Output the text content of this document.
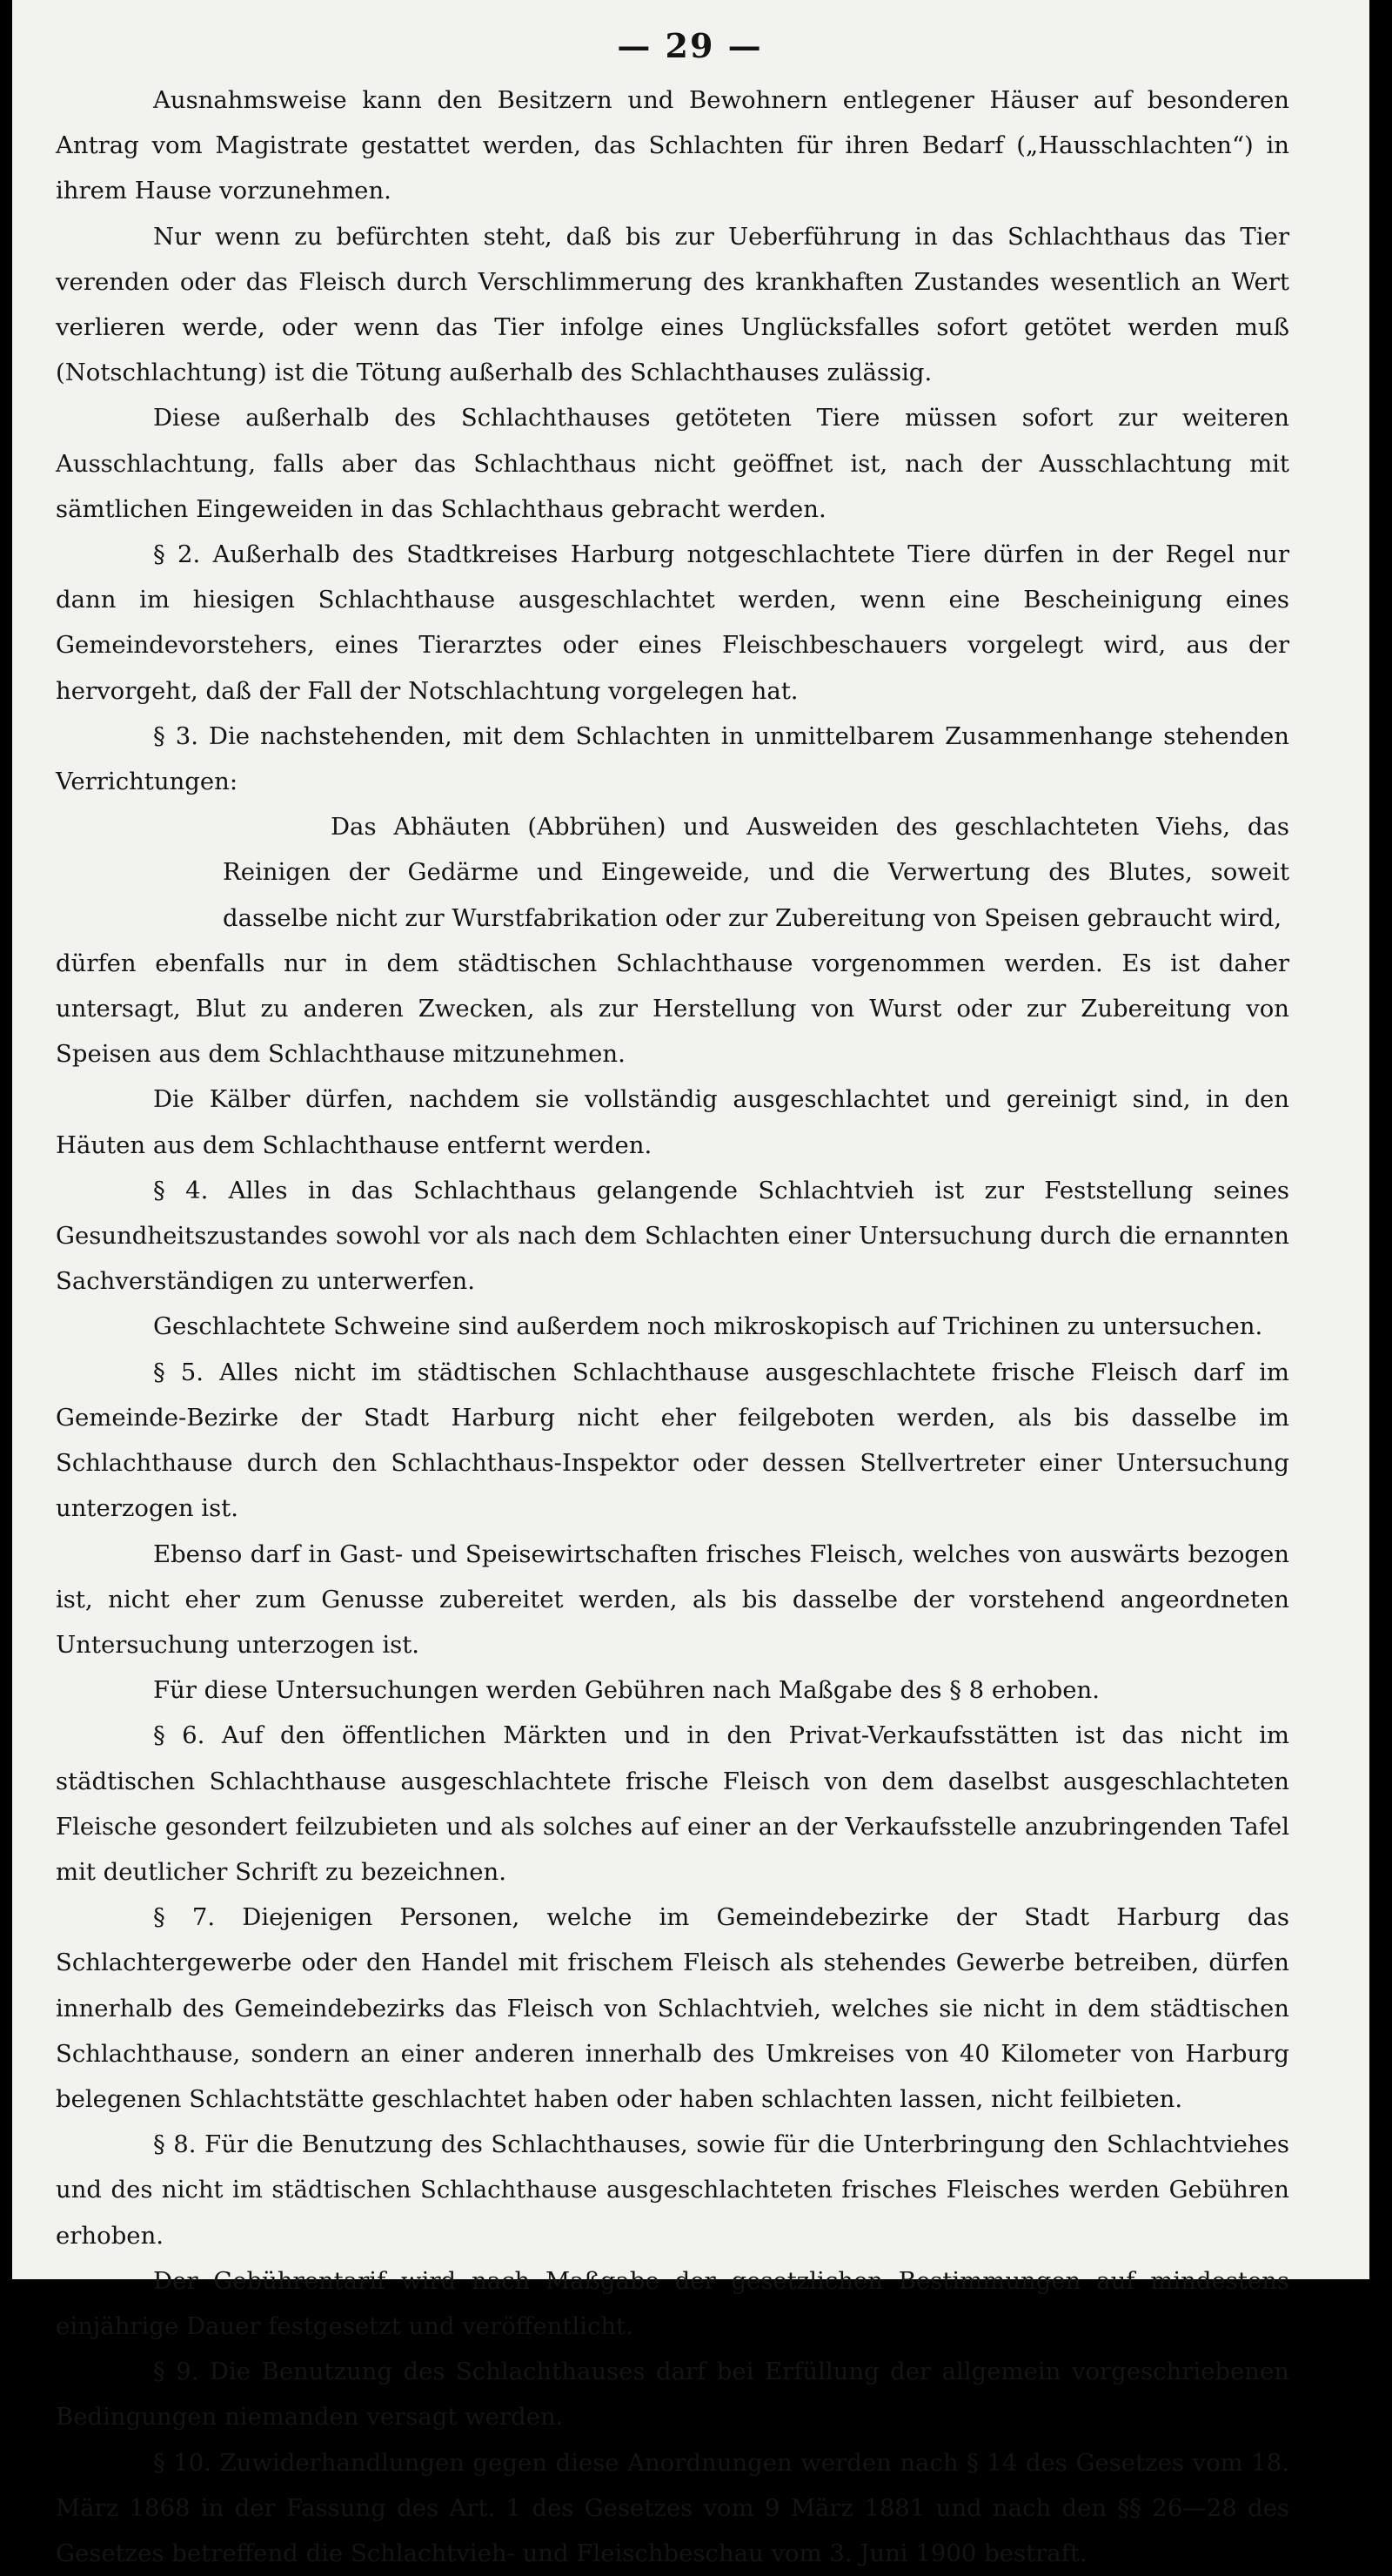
— 29 —

Ausnahmsweise kann den Besitzern und Bewohnern entlegener Häuser auf besonderen Antrag vom Magistrate gestattet werden, das Schlachten für ihren Bedarf („Hausschlachten“) in ihrem Hause vorzunehmen.

Nur wenn zu befürchten steht, daß bis zur Ueberführung in das Schlachthaus das Tier verenden oder das Fleisch durch Verschlimmerung des krankhaften Zustandes wesentlich an Wert verlieren werde, oder wenn das Tier infolge eines Unglücksfalles sofort getötet werden muß (Notschlachtung) ist die Tötung außerhalb des Schlachthauses zulässig.

Diese außerhalb des Schlachthauses getöteten Tiere müssen sofort zur weiteren Ausschlachtung, falls aber das Schlachthaus nicht geöffnet ist, nach der Ausschlachtung mit sämtlichen Eingeweiden in das Schlachthaus gebracht werden.

§ 2. Außerhalb des Stadtkreises Harburg notgeschlachtete Tiere dürfen in der Regel nur dann im hiesigen Schlachthause ausgeschlachtet werden, wenn eine Bescheinigung eines Gemeindevorstehers, eines Tierarztes oder eines Fleischbeschauers vorgelegt wird, aus der hervorgeht, daß der Fall der Notschlachtung vorgelegen hat.

§ 3. Die nachstehenden, mit dem Schlachten in unmittelbarem Zusammenhange stehenden Verrichtungen:

Das Abhäuten (Abbrühen) und Ausweiden des geschlachteten Viehs, das Reinigen der Gedärme und Eingeweide, und die Verwertung des Blutes, soweit dasselbe nicht zur Wurstfabrikation oder zur Zubereitung von Speisen gebraucht wird,

dürfen ebenfalls nur in dem städtischen Schlachthause vorgenommen werden. Es ist daher untersagt, Blut zu anderen Zwecken, als zur Herstellung von Wurst oder zur Zubereitung von Speisen aus dem Schlachthause mitzunehmen.

Die Kälber dürfen, nachdem sie vollständig ausgeschlachtet und gereinigt sind, in den Häuten aus dem Schlachthause entfernt werden.

§ 4. Alles in das Schlachthaus gelangende Schlachtvieh ist zur Feststellung seines Gesundheitszustandes sowohl vor als nach dem Schlachten einer Untersuchung durch die ernannten Sachverständigen zu unterwerfen.

Geschlachtete Schweine sind außerdem noch mikroskopisch auf Trichinen zu untersuchen.

§ 5. Alles nicht im städtischen Schlachthause ausgeschlachtete frische Fleisch darf im Gemeinde-Bezirke der Stadt Harburg nicht eher feilgeboten werden, als bis dasselbe im Schlachthause durch den Schlachthaus-Inspektor oder dessen Stellvertreter einer Untersuchung unterzogen ist.

Ebenso darf in Gast- und Speisewirtschaften frisches Fleisch, welches von auswärts bezogen ist, nicht eher zum Genusse zubereitet werden, als bis dasselbe der vorstehend angeordneten Untersuchung unterzogen ist.

Für diese Untersuchungen werden Gebühren nach Maßgabe des § 8 erhoben.

§ 6. Auf den öffentlichen Märkten und in den Privat-Verkaufsstätten ist das nicht im städtischen Schlachthause ausgeschlachtete frische Fleisch von dem daselbst ausgeschlachteten Fleische gesondert feilzubieten und als solches auf einer an der Verkaufsstelle anzubringenden Tafel mit deutlicher Schrift zu bezeichnen.

§ 7. Diejenigen Personen, welche im Gemeindebezirke der Stadt Harburg das Schlachtergewerbe oder den Handel mit frischem Fleisch als stehendes Gewerbe betreiben, dürfen innerhalb des Gemeindebezirks das Fleisch von Schlachtvieh, welches sie nicht in dem städtischen Schlachthause, sondern an einer anderen innerhalb des Umkreises von 40 Kilometer von Harburg belegenen Schlachtstätte geschlachtet haben oder haben schlachten lassen, nicht feilbieten.

§ 8. Für die Benutzung des Schlachthauses, sowie für die Unterbringung den Schlachtviehes und des nicht im städtischen Schlachthause ausgeschlachteten frisches Fleisches werden Gebühren erhoben.

Der Gebührentarif wird nach Maßgabe der gesetzlichen Bestimmungen auf mindestens einjährige Dauer festgesetzt und veröffentlicht.

§ 9. Die Benutzung des Schlachthauses darf bei Erfüllung der allgemein vorgeschriebenen Bedingungen niemanden versagt werden.

§ 10. Zuwiderhandlungen gegen diese Anordnungen werden nach § 14 des Gesetzes vom 18. März 1868 in der Fassung des Art. 1 des Gesetzes vom 9 März 1881 und nach den §§ 26—28 des Gesetzes betreffend die Schlachtvieh- und Fleischbeschau vom 3. Juni 1900 bestraft.
